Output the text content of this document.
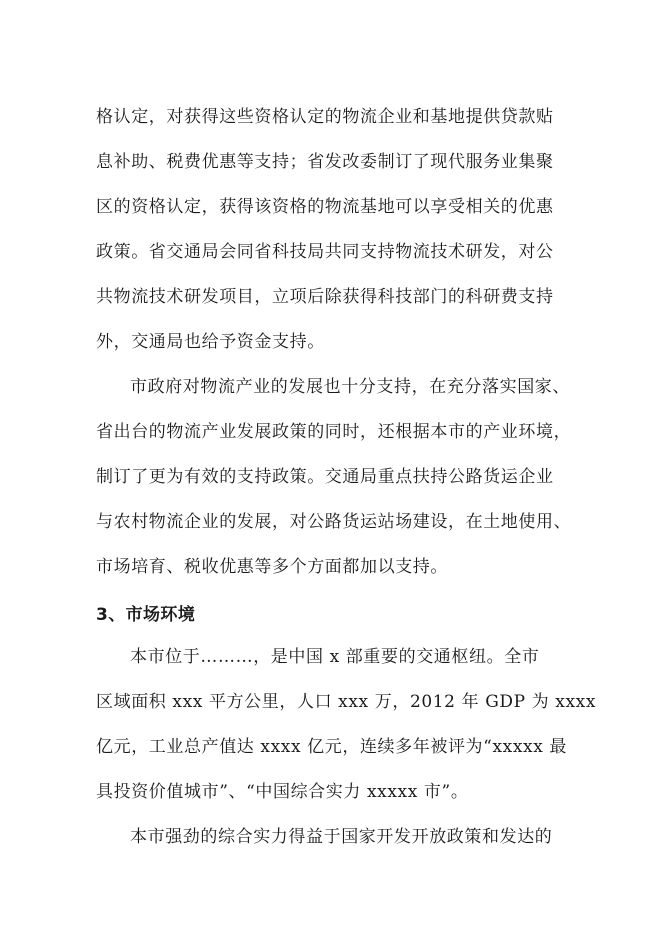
格认定，对获得这些资格认定的物流企业和基地提供贷款贴
息补助、税费优惠等支持；省发改委制订了现代服务业集聚
区的资格认定，获得该资格的物流基地可以享受相关的优惠
政策。省交通局会同省科技局共同支持物流技术研发，对公
共物流技术研发项目，立项后除获得科技部门的科研费支持
外，交通局也给予资金支持。
市政府对物流产业的发展也十分支持，在充分落实国家、
省出台的物流产业发展政策的同时，还根据本市的产业环境，
制订了更为有效的支持政策。交通局重点扶持公路货运企业
与农村物流企业的发展，对公路货运站场建设，在土地使用、
市场培育、税收优惠等多个方面都加以支持。
3、市场环境
本市位于………，是中国 x 部重要的交通枢纽。全市
区域面积 xxx 平方公里，人口 xxx 万，2012 年 GDP 为 xxxx
亿元，工业总产值达 xxxx 亿元，连续多年被评为“xxxxx 最
具投资价值城市”、“中国综合实力 xxxxx 市”。
本市强劲的综合实力得益于国家开发开放政策和发达的
